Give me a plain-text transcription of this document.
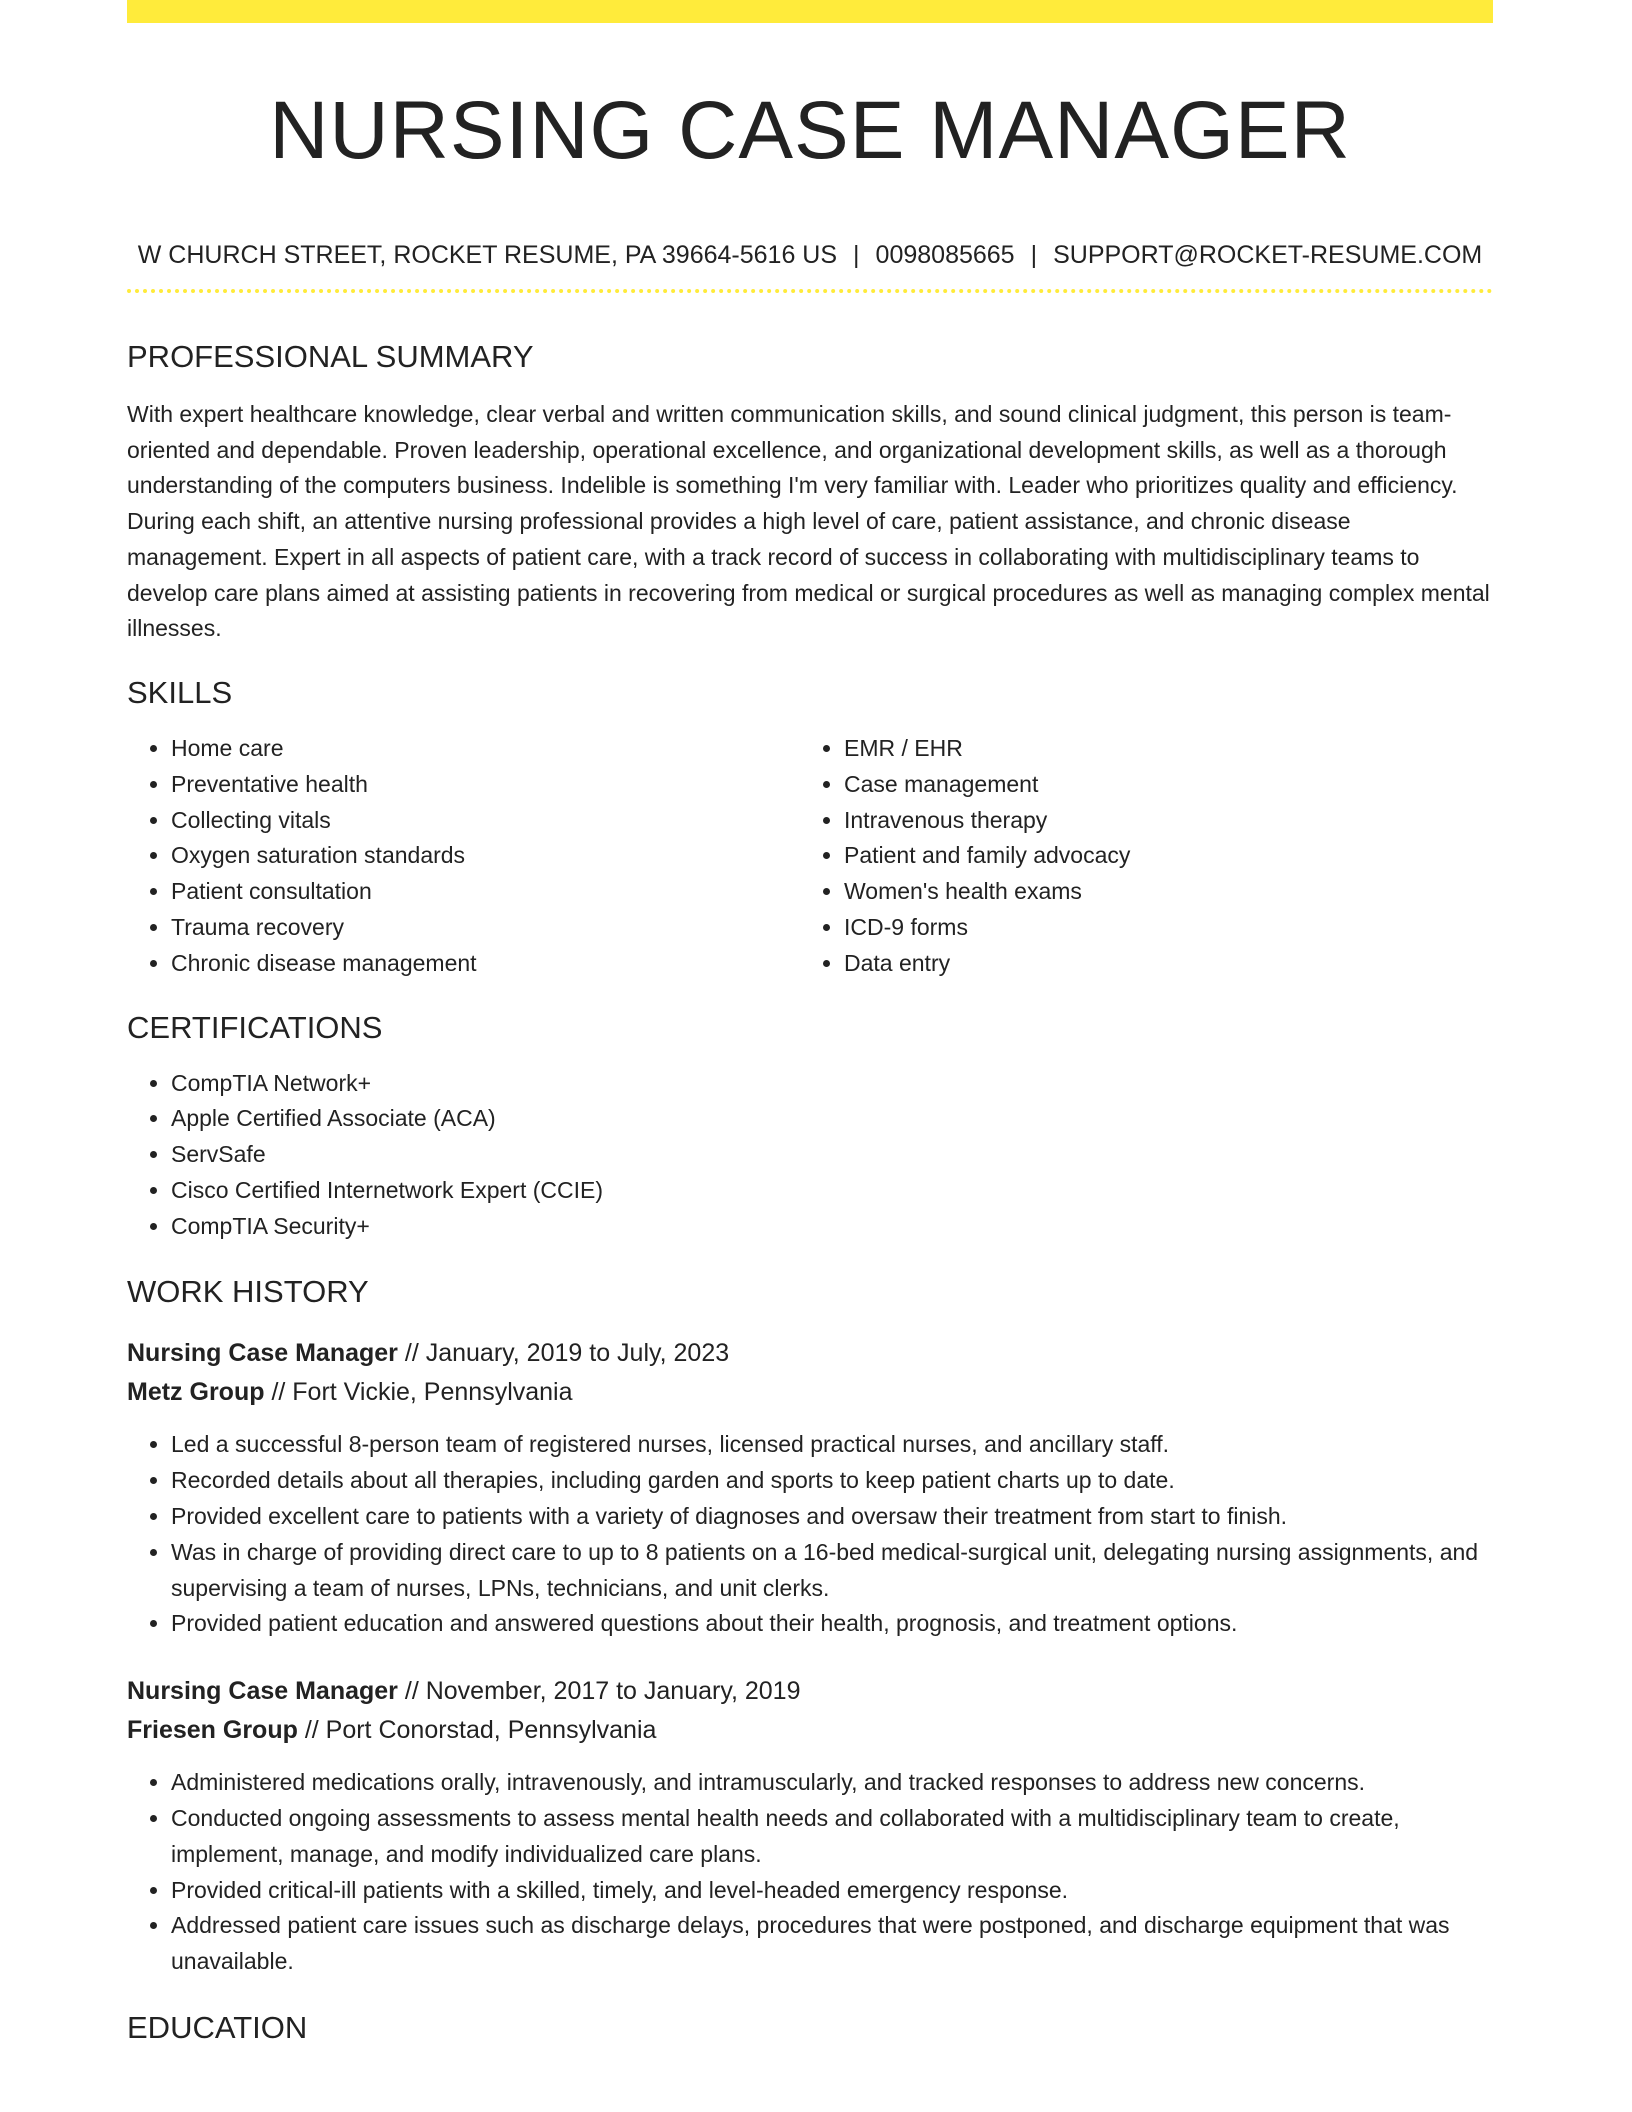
NURSING CASE MANAGER
W CHURCH STREET, ROCKET RESUME, PA 39664-5616 US | 0098085665 | SUPPORT@ROCKET-RESUME.COM
PROFESSIONAL SUMMARY

With expert healthcare knowledge, clear verbal and written communication skills, and sound clinical judgment, this person is team-oriented and dependable. Proven leadership, operational excellence, and organizational development skills, as well as a thorough understanding of the computers business. Indelible is something I'm very familiar with. Leader who prioritizes quality and efficiency. During each shift, an attentive nursing professional provides a high level of care, patient assistance, and chronic disease management. Expert in all aspects of patient care, with a track record of success in collaborating with multidisciplinary teams to develop care plans aimed at assisting patients in recovering from medical or surgical procedures as well as managing complex mental illnesses.

SKILLS
• Home care
• Preventative health
• Collecting vitals
• Oxygen saturation standards
• Patient consultation
• Trauma recovery
• Chronic disease management
• EMR / EHR
• Case management
• Intravenous therapy
• Patient and family advocacy
• Women's health exams
• ICD-9 forms
• Data entry
CERTIFICATIONS
• CompTIA Network+
• Apple Certified Associate (ACA)
• ServSafe
• Cisco Certified Internetwork Expert (CCIE)
• CompTIA Security+
WORK HISTORY
Nursing Case Manager // January, 2019 to July, 2023
Metz Group // Fort Vickie, Pennsylvania
• Led a successful 8-person team of registered nurses, licensed practical nurses, and ancillary staff.
• Recorded details about all therapies, including garden and sports to keep patient charts up to date.
• Provided excellent care to patients with a variety of diagnoses and oversaw their treatment from start to finish.
• Was in charge of providing direct care to up to 8 patients on a 16-bed medical-surgical unit, delegating nursing assignments, and supervising a team of nurses, LPNs, technicians, and unit clerks.
• Provided patient education and answered questions about their health, prognosis, and treatment options.
Nursing Case Manager // November, 2017 to January, 2019
Friesen Group // Port Conorstad, Pennsylvania
• Administered medications orally, intravenously, and intramuscularly, and tracked responses to address new concerns.
• Conducted ongoing assessments to assess mental health needs and collaborated with a multidisciplinary team to create, implement, manage, and modify individualized care plans.
• Provided critical-ill patients with a skilled, timely, and level-headed emergency response.
• Addressed patient care issues such as discharge delays, procedures that were postponed, and discharge equipment that was unavailable.
EDUCATION
